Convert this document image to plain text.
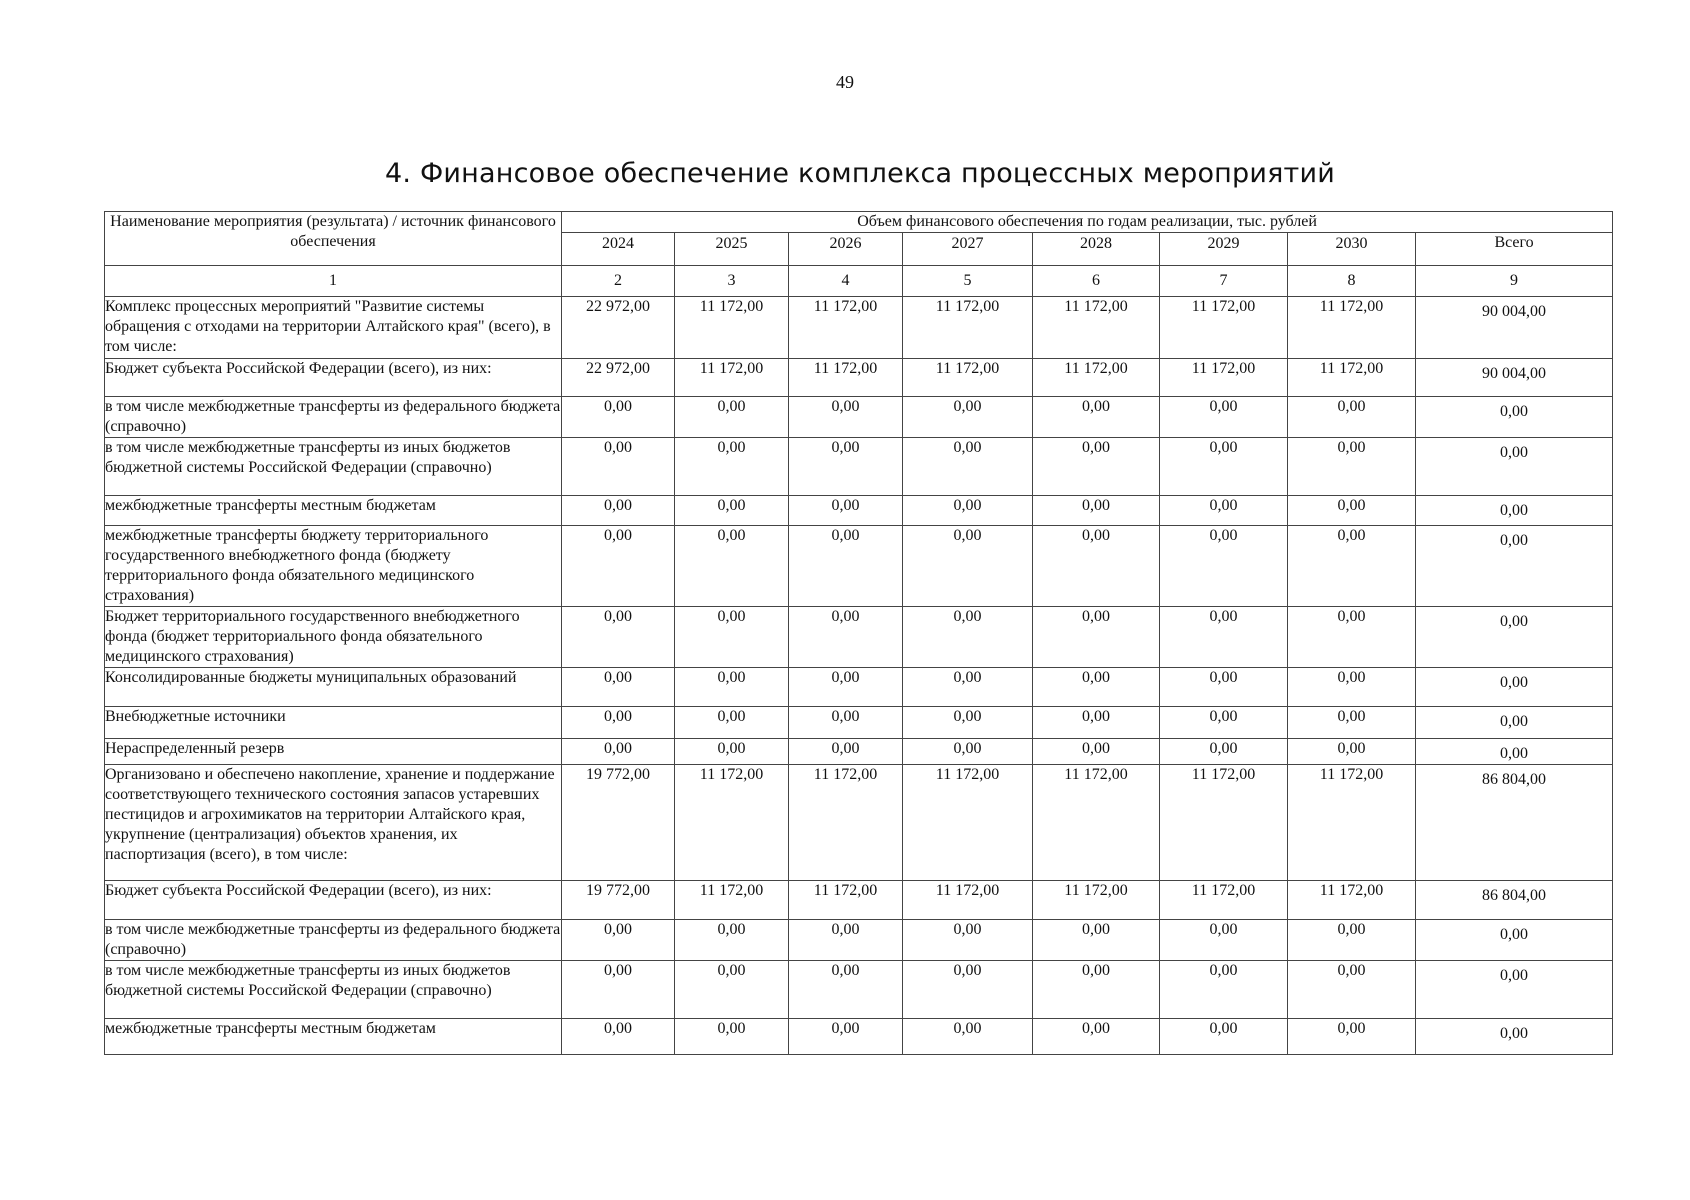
49
4. Финансовое обеспечение комплекса процессных мероприятий
Наименование мероприятия (результата) / источник финансового обеспечения	Объем финансового обеспечения по годам реализации, тыс. рублей							
	2024	2025	2026	2027	2028	2029	2030	Всего
1	2	3	4	5	6	7	8	9
Комплекс процессных мероприятий "Развитие системы обращения с отходами на территории Алтайского края" (всего), в том числе:	22 972,00	11 172,00	11 172,00	11 172,00	11 172,00	11 172,00	11 172,00	90 004,00
Бюджет субъекта Российской Федерации (всего), из них:	22 972,00	11 172,00	11 172,00	11 172,00	11 172,00	11 172,00	11 172,00	90 004,00
в том числе межбюджетные трансферты из федерального бюджета (справочно)	0,00	0,00	0,00	0,00	0,00	0,00	0,00	0,00
в том числе межбюджетные трансферты из иных бюджетов бюджетной системы Российской Федерации (справочно)	0,00	0,00	0,00	0,00	0,00	0,00	0,00	0,00
межбюджетные трансферты местным бюджетам	0,00	0,00	0,00	0,00	0,00	0,00	0,00	0,00
межбюджетные трансферты бюджету территориального государственного внебюджетного фонда (бюджету территориального фонда обязательного медицинского страхования)	0,00	0,00	0,00	0,00	0,00	0,00	0,00	0,00
Бюджет территориального государственного внебюджетного фонда (бюджет территориального фонда обязательного медицинского страхования)	0,00	0,00	0,00	0,00	0,00	0,00	0,00	0,00
Консолидированные бюджеты муниципальных образований	0,00	0,00	0,00	0,00	0,00	0,00	0,00	0,00
Внебюджетные источники	0,00	0,00	0,00	0,00	0,00	0,00	0,00	0,00
Нераспределенный резерв	0,00	0,00	0,00	0,00	0,00	0,00	0,00	0,00
Организовано и обеспечено накопление, хранение и поддержание соответствующего технического состояния запасов устаревших пестицидов и агрохимикатов на территории Алтайского края, укрупнение (централизация) объектов хранения, их паспортизация (всего), в том числе:	19 772,00	11 172,00	11 172,00	11 172,00	11 172,00	11 172,00	11 172,00	86 804,00
Бюджет субъекта Российской Федерации (всего), из них:	19 772,00	11 172,00	11 172,00	11 172,00	11 172,00	11 172,00	11 172,00	86 804,00
в том числе межбюджетные трансферты из федерального бюджета (справочно)	0,00	0,00	0,00	0,00	0,00	0,00	0,00	0,00
в том числе межбюджетные трансферты из иных бюджетов бюджетной системы Российской Федерации (справочно)	0,00	0,00	0,00	0,00	0,00	0,00	0,00	0,00
межбюджетные трансферты местным бюджетам	0,00	0,00	0,00	0,00	0,00	0,00	0,00	0,00
